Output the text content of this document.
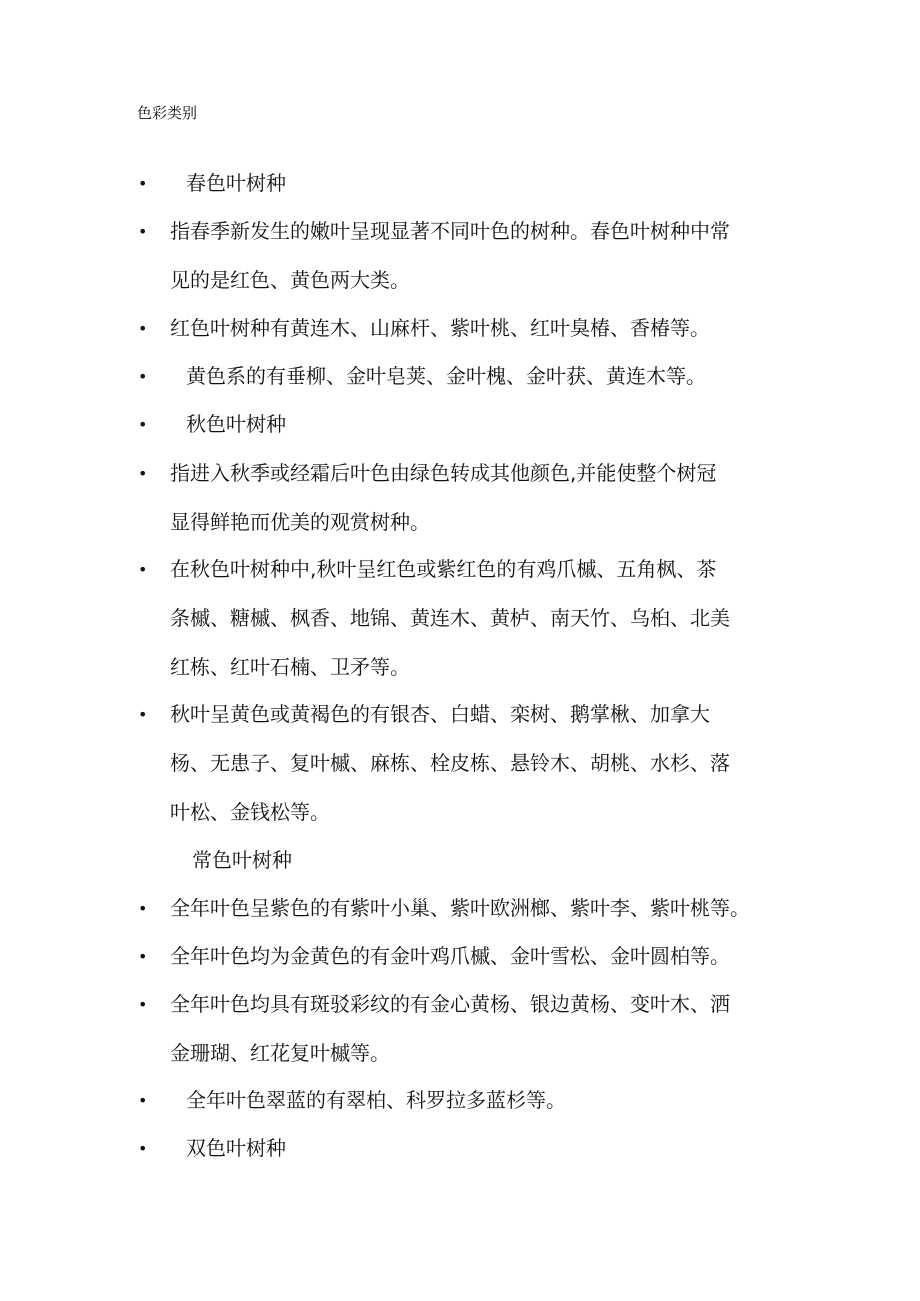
色彩类别
• 春色叶树种
• 指春季新发生的嫩叶呈现显著不同叶色的树种。春色叶树种中常
见的是红色、黄色两大类。
• 红色叶树种有黄连木、山麻杆、紫叶桃、红叶臭椿、香椿等。
• 黄色系的有垂柳、金叶皂荚、金叶槐、金叶获、黄连木等。
• 秋色叶树种
• 指进入秋季或经霜后叶色由绿色转成其他颜色,并能使整个树冠
显得鲜艳而优美的观赏树种。
• 在秋色叶树种中,秋叶呈红色或紫红色的有鸡爪槭、五角枫、茶
条槭、糖槭、枫香、地锦、黄连木、黄栌、南天竹、乌桕、北美
红栋、红叶石楠、卫矛等。
• 秋叶呈黄色或黄褐色的有银杏、白蜡、栾树、鹅掌楸、加拿大
杨、无患子、复叶槭、麻栋、栓皮栋、悬铃木、胡桃、水杉、落
叶松、金钱松等。
常色叶树种
• 全年叶色呈紫色的有紫叶小巢、紫叶欧洲榔、紫叶李、紫叶桃等。
• 全年叶色均为金黄色的有金叶鸡爪槭、金叶雪松、金叶圆柏等。
• 全年叶色均具有斑驳彩纹的有金心黄杨、银边黄杨、变叶木、洒
金珊瑚、红花复叶槭等。
• 全年叶色翠蓝的有翠柏、科罗拉多蓝杉等。
• 双色叶树种
